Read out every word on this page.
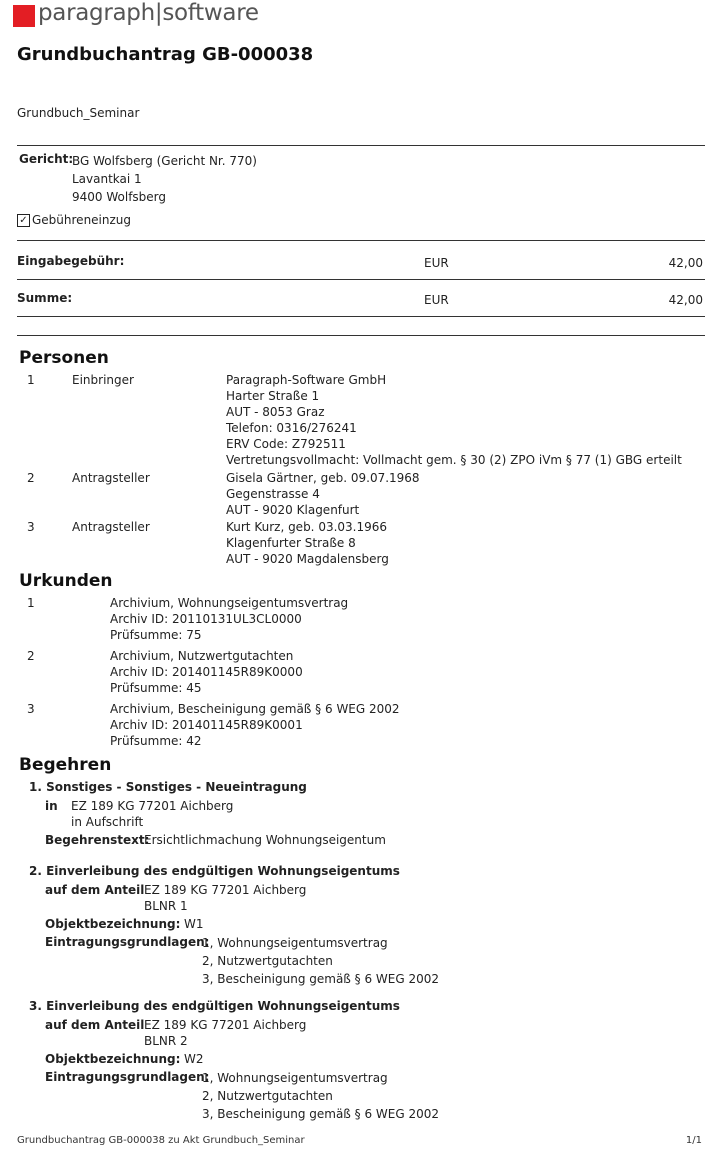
paragraph|software
Grundbuchantrag GB-000038
Grundbuch_Seminar
Gericht:
BG Wolfsberg (Gericht Nr. 770)
Lavantkai 1
9400 Wolfsberg
✓ Gebühreneinzug
Eingabegebühr:	EUR	42,00
Summe:	EUR	42,00
Personen
1	Einbringer	Paragraph-Software GmbH
Harter Straße 1
AUT - 8053 Graz
Telefon: 0316/276241
ERV Code: Z792511
Vertretungsvollmacht: Vollmacht gem. § 30 (2) ZPO iVm § 77 (1) GBG erteilt
2	Antragsteller	Gisela Gärtner, geb. 09.07.1968
Gegenstrasse 4
AUT - 9020 Klagenfurt
3	Antragsteller	Kurt Kurz, geb. 03.03.1966
Klagenfurter Straße 8
AUT - 9020 Magdalensberg
Urkunden
1	Archivium, Wohnungseigentumsvertrag
Archiv ID: 20110131UL3CL0000
Prüfsumme: 75
2	Archivium, Nutzwertgutachten
Archiv ID: 201401145R89K0000
Prüfsumme: 45
3	Archivium, Bescheinigung gemäß § 6 WEG 2002
Archiv ID: 201401145R89K0001
Prüfsumme: 42
Begehren
1. Sonstiges - Sonstiges - Neueintragung
in EZ 189 KG 77201 Aichberg
in Aufschrift
Begehrenstext:
Ersichtlichmachung Wohnungseigentum
2. Einverleibung des endgültigen Wohnungseigentums
auf dem Anteil EZ 189 KG 77201 Aichberg
BLNR 1
Objektbezeichnung: W1
Eintragungsgrundlagen:
1, Wohnungseigentumsvertrag
2, Nutzwertgutachten
3, Bescheinigung gemäß § 6 WEG 2002
3. Einverleibung des endgültigen Wohnungseigentums
auf dem Anteil EZ 189 KG 77201 Aichberg
BLNR 2
Objektbezeichnung: W2
Eintragungsgrundlagen:
1, Wohnungseigentumsvertrag
2, Nutzwertgutachten
3, Bescheinigung gemäß § 6 WEG 2002
Grundbuchantrag GB-000038 zu Akt Grundbuch_Seminar	1/1
